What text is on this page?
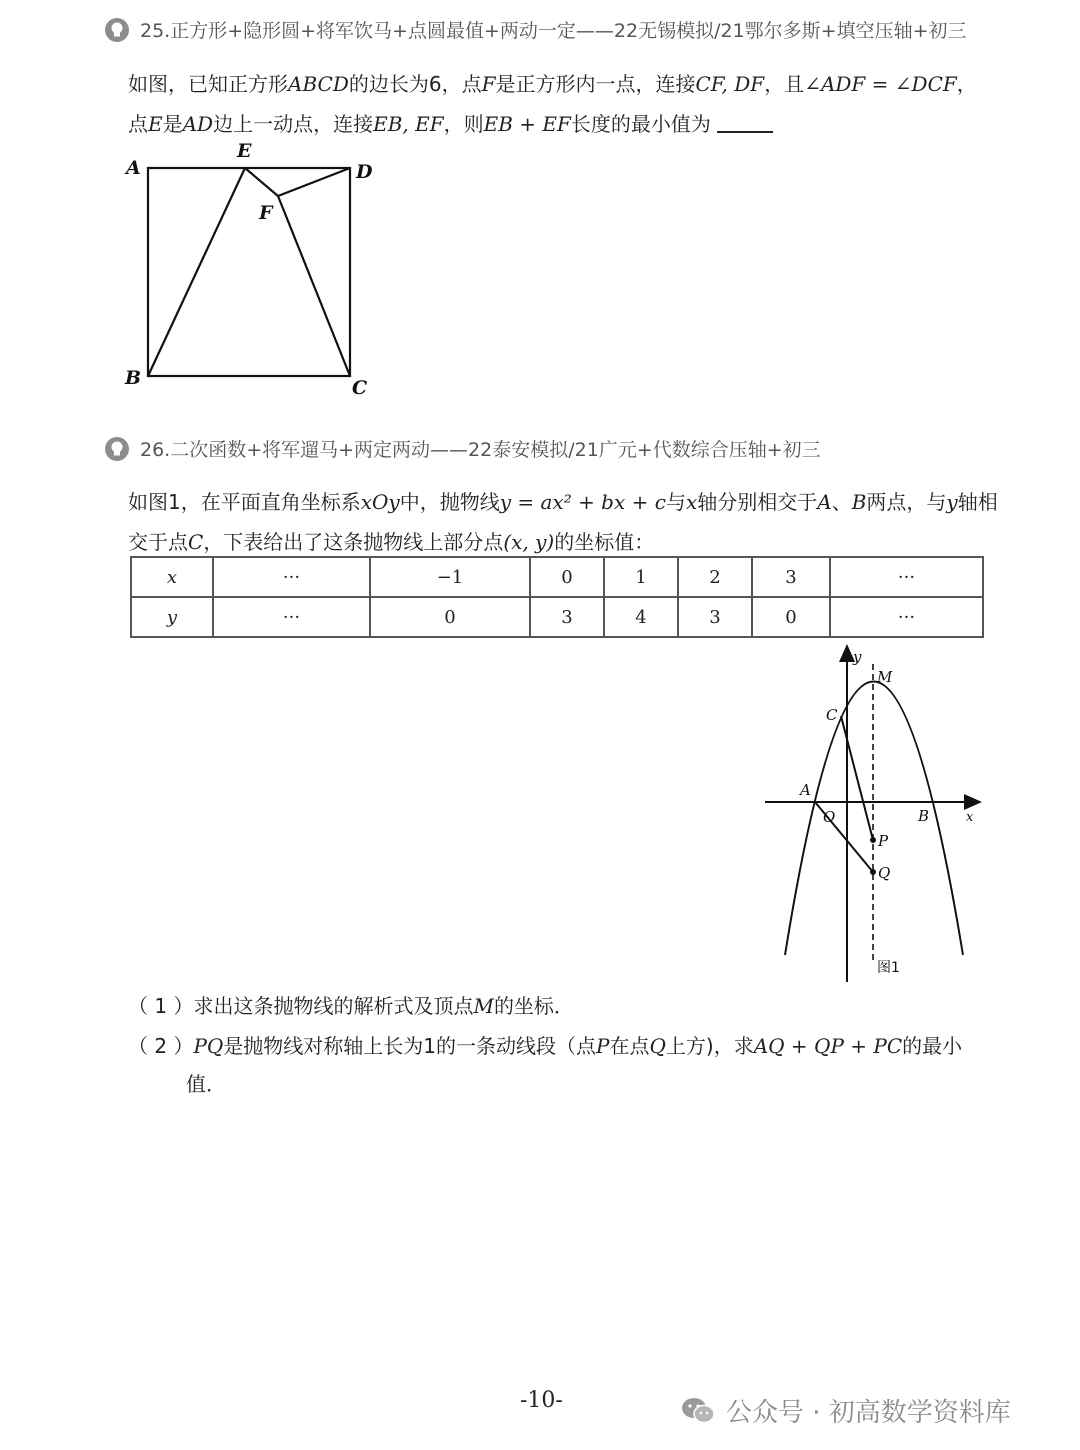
25.正方形+隐形圆+将军饮马+点圆最值+两动一定——22无锡模拟/21鄂尔多斯+填空压轴+初三
如图，已知正方形ABCD的边长为6，点F是正方形内一点，连接CF, DF，且∠ADF = ∠DCF，
点E是AD边上一动点，连接EB, EF，则EB + EF长度的最小值为
A
E
D
F
B	C
26.二次函数+将军遛马+两定两动——22泰安模拟/21广元+代数综合压轴+初三
如图1，在平面直角坐标系xOy中，抛物线y = ax² + bx + c与x轴分别相交于A、B两点，与y轴相
交于点C，下表给出了这条抛物线上部分点(x, y)的坐标值：
x	···	−1	0	1	2	3	···
y	···	0	3	4	3	0	···
y
M
C
A
O	B	x
P
Q
图1
（ 1 ）求出这条抛物线的解析式及顶点M的坐标．
（ 2 ）PQ是抛物线对称轴上长为1的一条动线段（点P在点Q上方)，求AQ + QP + PC的最小
值．
-10-	公众号 · 初高数学资料库
